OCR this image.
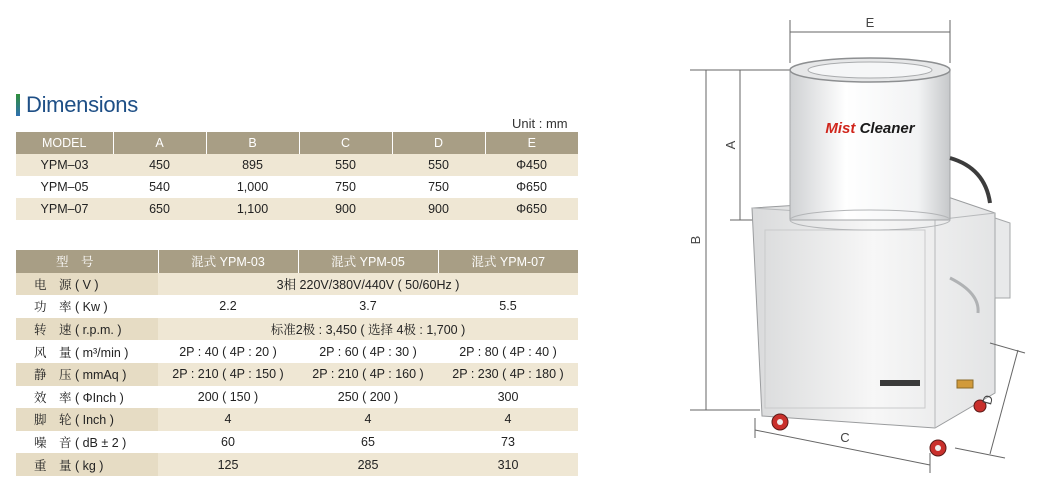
Dimensions
Unit : mm
MODEL	A	B	C	D	E
YPM–03	450	895	550	550	Φ450
YPM–05	540	1,000	750	750	Φ650
YPM–07	650	1,100	900	900	Φ650
型　号	混式 YPM-03	混式 YPM-05	混式 YPM-07
电　源 ( V )	3相 220V/380V/440V ( 50/60Hz )		
功　率 ( Kw )	2.2	3.7	5.5
转　速 ( r.p.m. )	标准2极 : 3,450 ( 选择 4极 : 1,700 )		
风　量 ( m³/min )	2P : 40 ( 4P : 20 )	2P : 60 ( 4P : 30 )	2P : 80 ( 4P : 40 )
静　压 ( mmAq )	2P : 210 ( 4P : 150 )	2P : 210 ( 4P : 160 )	2P : 230 ( 4P : 180 )
效　率 ( ΦInch )	200 ( 150 )	250 ( 200 )	300
脚　轮 ( Inch )	4	4	4
噪　音 ( dB ± 2 )	60	65	73
重　量 ( kg )	125	285	310
E
B
A
Mist Cleaner
C
D
